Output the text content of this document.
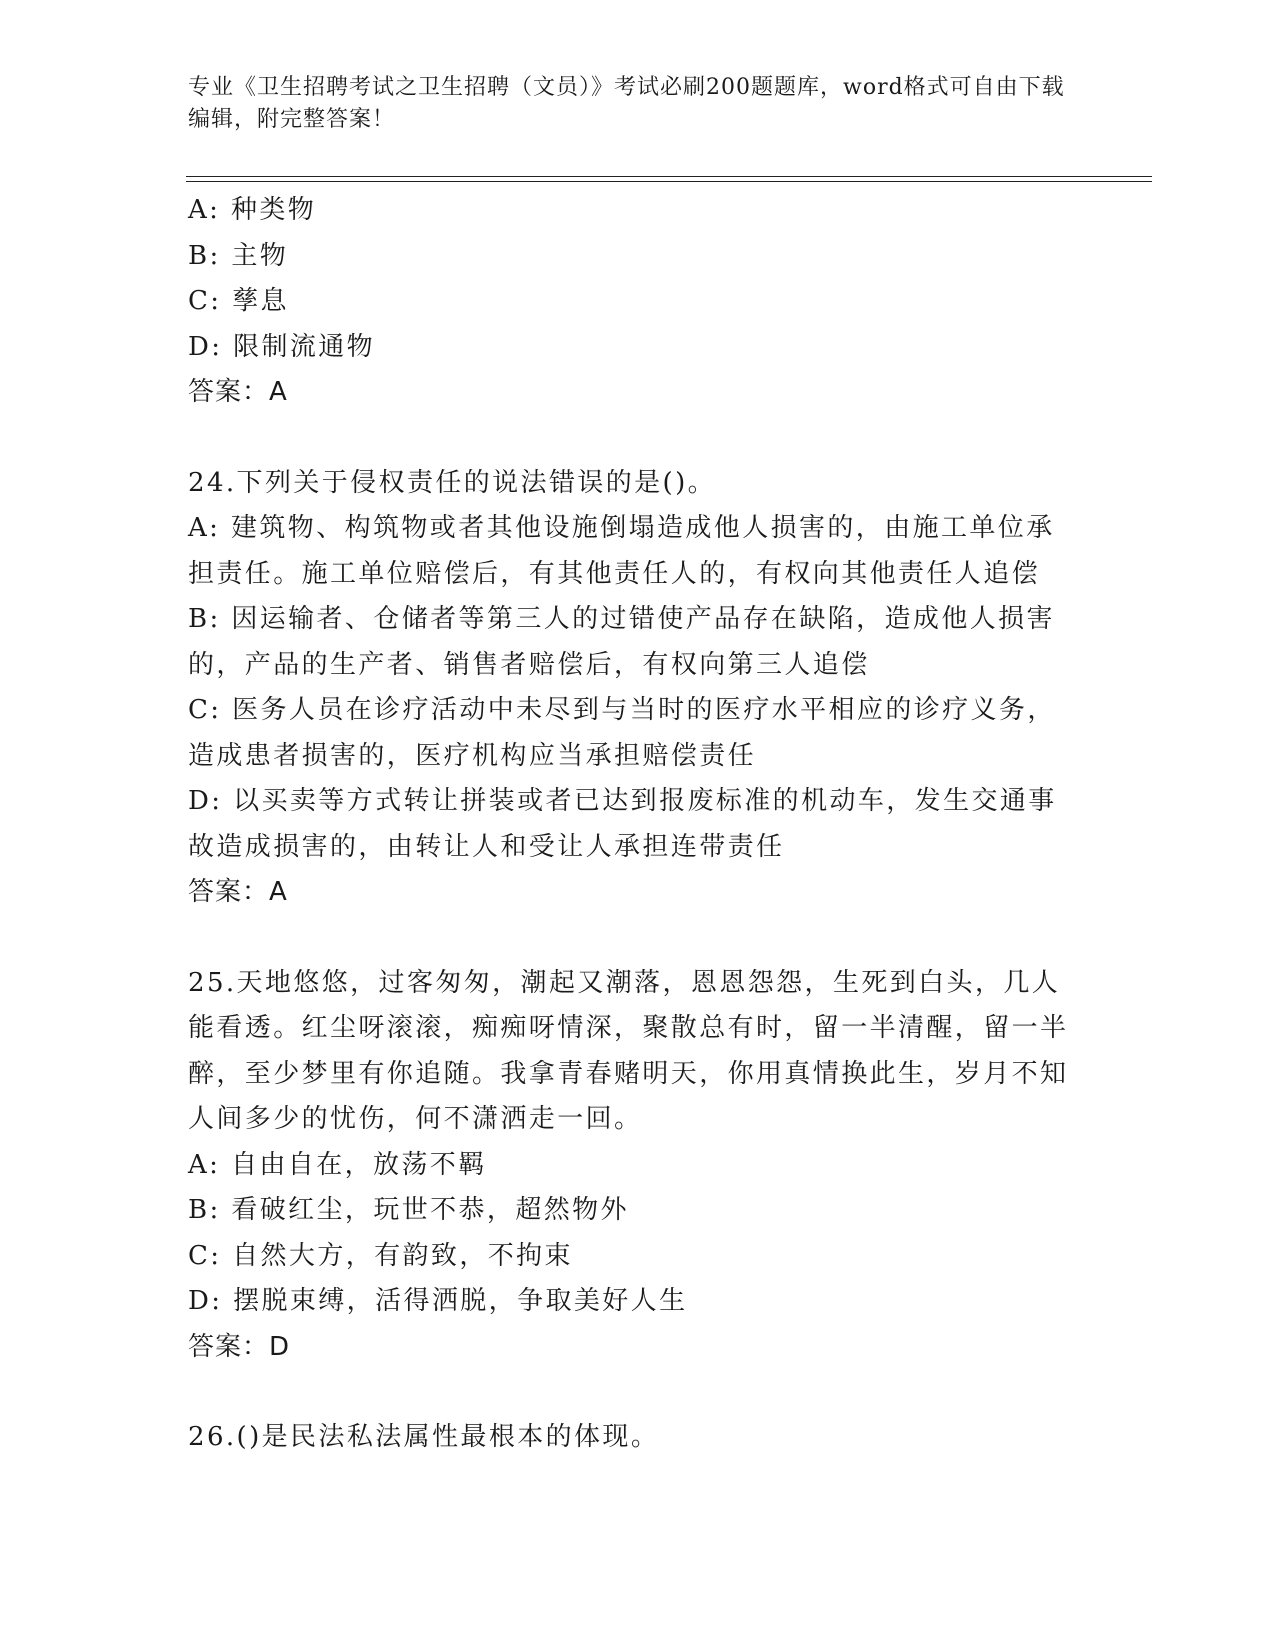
专业《卫生招聘考试之卫生招聘（文员）》考试必刷200题题库，word格式可自由下载编辑，附完整答案！
A: 种类物
B: 主物
C: 孳息
D: 限制流通物
答案：A
24.下列关于侵权责任的说法错误的是()。
A: 建筑物、构筑物或者其他设施倒塌造成他人损害的，由施工单位承担责任。施工单位赔偿后，有其他责任人的，有权向其他责任人追偿
B: 因运输者、仓储者等第三人的过错使产品存在缺陷，造成他人损害的，产品的生产者、销售者赔偿后，有权向第三人追偿
C: 医务人员在诊疗活动中未尽到与当时的医疗水平相应的诊疗义务，造成患者损害的，医疗机构应当承担赔偿责任
D: 以买卖等方式转让拼装或者已达到报废标准的机动车，发生交通事故造成损害的，由转让人和受让人承担连带责任
答案：A
25.天地悠悠，过客匆匆，潮起又潮落，恩恩怨怨，生死到白头，几人能看透。红尘呀滚滚，痴痴呀情深，聚散总有时，留一半清醒，留一半醉，至少梦里有你追随。我拿青春赌明天，你用真情换此生，岁月不知人间多少的忧伤，何不潇洒走一回。
A: 自由自在，放荡不羁
B: 看破红尘，玩世不恭，超然物外
C: 自然大方，有韵致，不拘束
D: 摆脱束缚，活得洒脱，争取美好人生
答案：D
26.()是民法私法属性最根本的体现。
